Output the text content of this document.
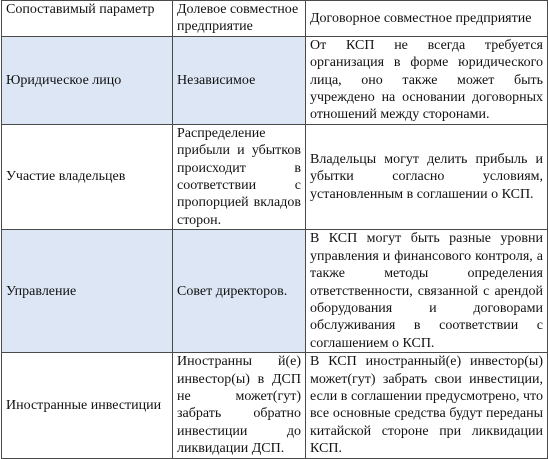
Сопоставимый параметр	Долевое совместное предприятие	Договорное совместное предприятие
Юридическое лицо	Независимое	От КСП не всегда требуется организация в форме юридического лица, оно также может быть учреждено на основании договорных отношений между сторонами.
Участие владельцев	Распределение прибыли и убытков происходит в соответствии с пропорцией вкладов сторон.	Владельцы могут делить прибыль и убытки согласно условиям, установленным в соглашении о КСП.
Управление	Совет директоров.	В КСП могут быть разные уровни управления и финансового контроля, а также методы определения ответственности, связанной с арендой оборудования и договорами обслуживания в соответствии с соглашением о КСП.
Иностранные инвестиции	Иностранны й(е) инвестор(ы) в ДСП не может(гут) забрать обратно инвестиции до ликвидации ДСП.	В КСП иностранный(е) инвестор(ы) может(гут) забрать свои инвестиции, если в соглашении предусмотрено, что все основные средства будут переданы китайской стороне при ликвидации КСП.
